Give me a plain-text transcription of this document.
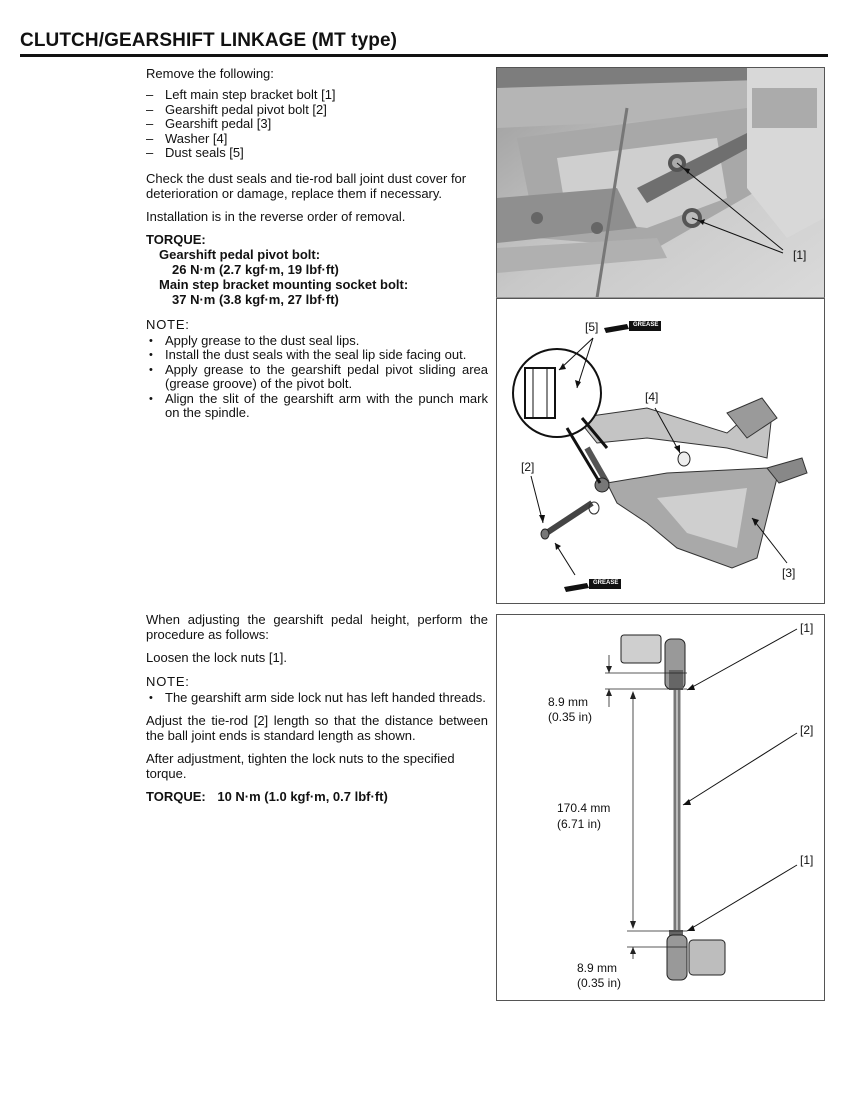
CLUTCH/GEARSHIFT LINKAGE (MT type)
Remove the following:
– Left main step bracket bolt [1]
– Gearshift pedal pivot bolt [2]
– Gearshift pedal [3]
– Washer [4]
– Dust seals [5]
Check the dust seals and tie-rod ball joint dust cover for deterioration or damage, replace them if necessary.
Installation is in the reverse order of removal.
TORQUE:
Gearshift pedal pivot bolt:
26 N·m (2.7 kgf·m, 19 lbf·ft)
Main step bracket mounting socket bolt:
37 N·m (3.8 kgf·m, 27 lbf·ft)
NOTE:
• Apply grease to the dust seal lips.
• Install the dust seals with the seal lip side facing out.
• Apply grease to the gearshift pedal pivot sliding area (grease groove) of the pivot bolt.
• Align the slit of the gearshift arm with the punch mark on the spindle.
When adjusting the gearshift pedal height, perform the procedure as follows:
Loosen the lock nuts [1].
NOTE:
• The gearshift arm side lock nut has left handed threads.
Adjust the tie-rod [2] length so that the distance between the ball joint ends is standard length as shown.
After adjustment, tighten the lock nuts to the specified torque.
TORQUE: 10 N·m (1.0 kgf·m, 0.7 lbf·ft)
[1]
[5]	GREASE
[4]
[2]
[3]
GREASE
[1]
[2]
[1]
8.9 mm
(0.35 in)
170.4 mm
(6.71 in)
8.9 mm
(0.35 in)
